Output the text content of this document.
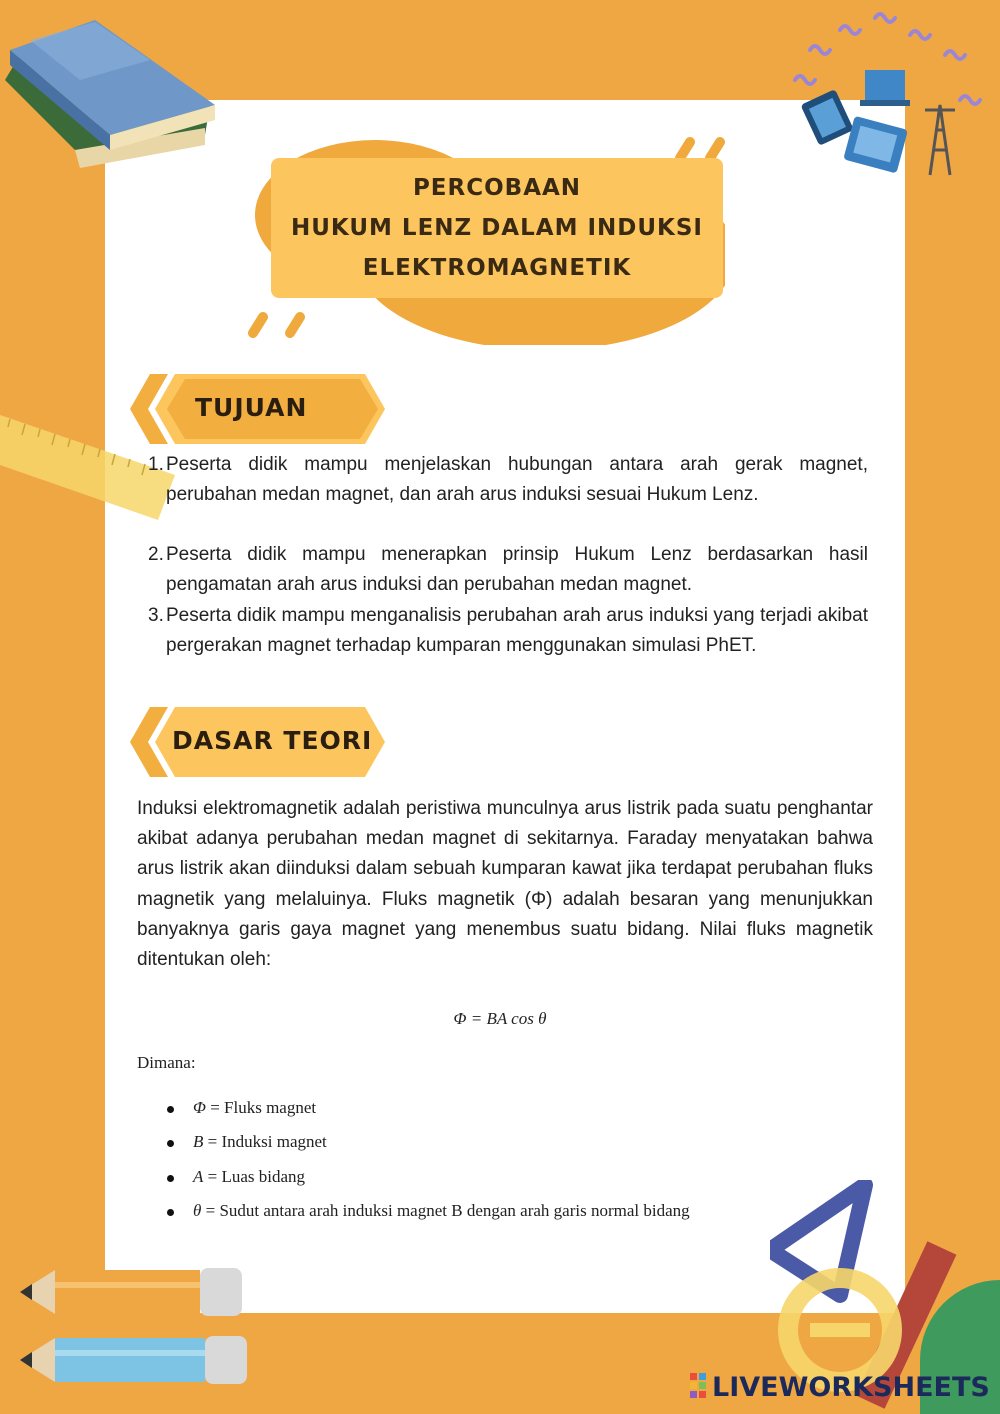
PERCOBAAN
HUKUM LENZ DALAM INDUKSI
ELEKTROMAGNETIK
TUJUAN
1. Peserta didik mampu menjelaskan hubungan antara arah gerak magnet, perubahan medan magnet, dan arah arus induksi sesuai Hukum Lenz.
2. Peserta didik mampu menerapkan prinsip Hukum Lenz berdasarkan hasil pengamatan arah arus induksi dan perubahan medan magnet.
3. Peserta didik mampu menganalisis perubahan arah arus induksi yang terjadi akibat pergerakan magnet terhadap kumparan menggunakan simulasi PhET.
DASAR TEORI
Induksi elektromagnetik adalah peristiwa munculnya arus listrik pada suatu penghantar akibat adanya perubahan medan magnet di sekitarnya. Faraday menyatakan bahwa arus listrik akan diinduksi dalam sebuah kumparan kawat jika terdapat perubahan fluks magnetik yang melaluinya. Fluks magnetik (Φ) adalah besaran yang menunjukkan banyaknya garis gaya magnet yang menembus suatu bidang. Nilai fluks magnetik ditentukan oleh:
Φ = BA cos θ
Dimana:
Φ = Fluks magnet
B = Induksi magnet
A = Luas bidang
θ = Sudut antara arah induksi magnet B dengan arah garis normal bidang
LIVEWORKSHEETS
